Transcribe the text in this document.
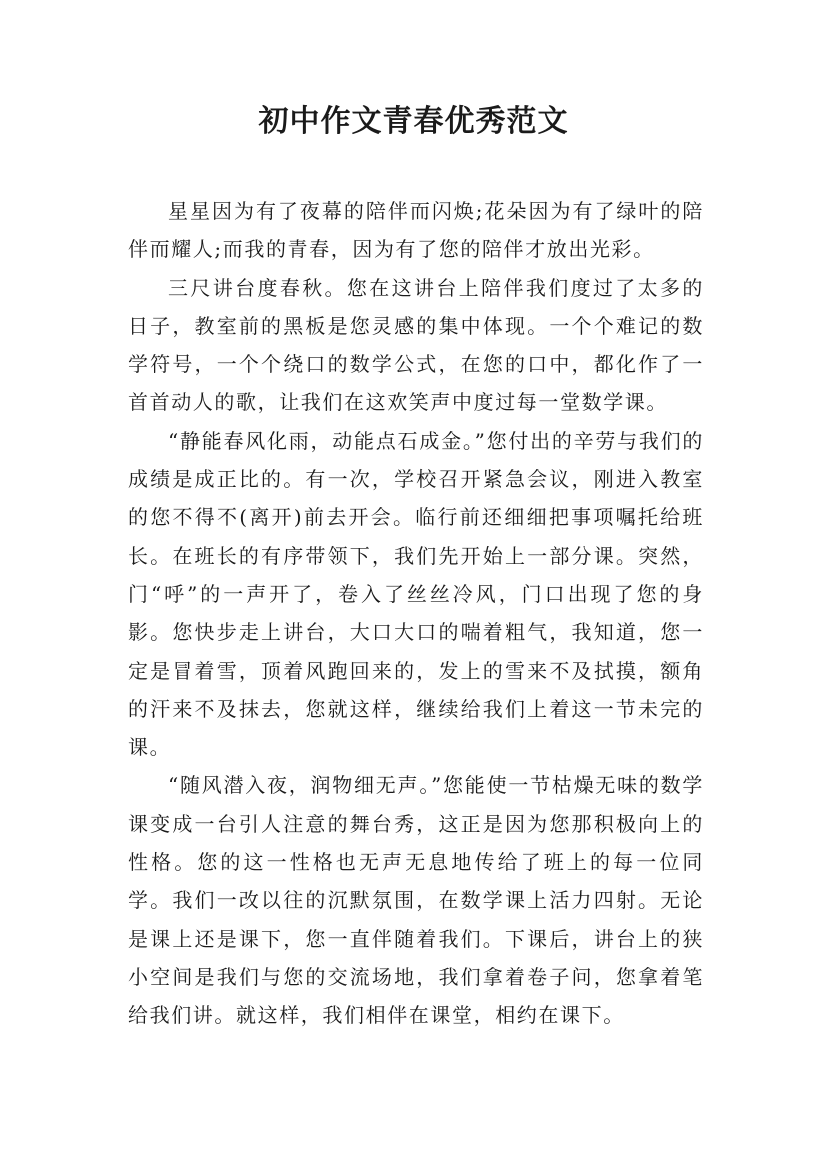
初中作文青春优秀范文

星星因为有了夜幕的陪伴而闪焕;花朵因为有了绿叶的陪伴而耀人;而我的青春，因为有了您的陪伴才放出光彩。

三尺讲台度春秋。您在这讲台上陪伴我们度过了太多的日子，教室前的黑板是您灵感的集中体现。一个个难记的数学符号，一个个绕口的数学公式，在您的口中，都化作了一首首动人的歌，让我们在这欢笑声中度过每一堂数学课。

“静能春风化雨，动能点石成金。”您付出的辛劳与我们的成绩是成正比的。有一次，学校召开紧急会议，刚进入教室的您不得不(离开)前去开会。临行前还细细把事项嘱托给班长。在班长的有序带领下，我们先开始上一部分课。突然，门“呼”的一声开了，卷入了丝丝冷风，门口出现了您的身影。您快步走上讲台，大口大口的喘着粗气，我知道，您一定是冒着雪，顶着风跑回来的，发上的雪来不及拭摸，额角的汗来不及抹去，您就这样，继续给我们上着这一节未完的课。

“随风潜入夜，润物细无声。”您能使一节枯燥无味的数学课变成一台引人注意的舞台秀，这正是因为您那积极向上的性格。您的这一性格也无声无息地传给了班上的每一位同学。我们一改以往的沉默氛围，在数学课上活力四射。无论是课上还是课下，您一直伴随着我们。下课后，讲台上的狭小空间是我们与您的交流场地，我们拿着卷子问，您拿着笔给我们讲。就这样，我们相伴在课堂，相约在课下。
